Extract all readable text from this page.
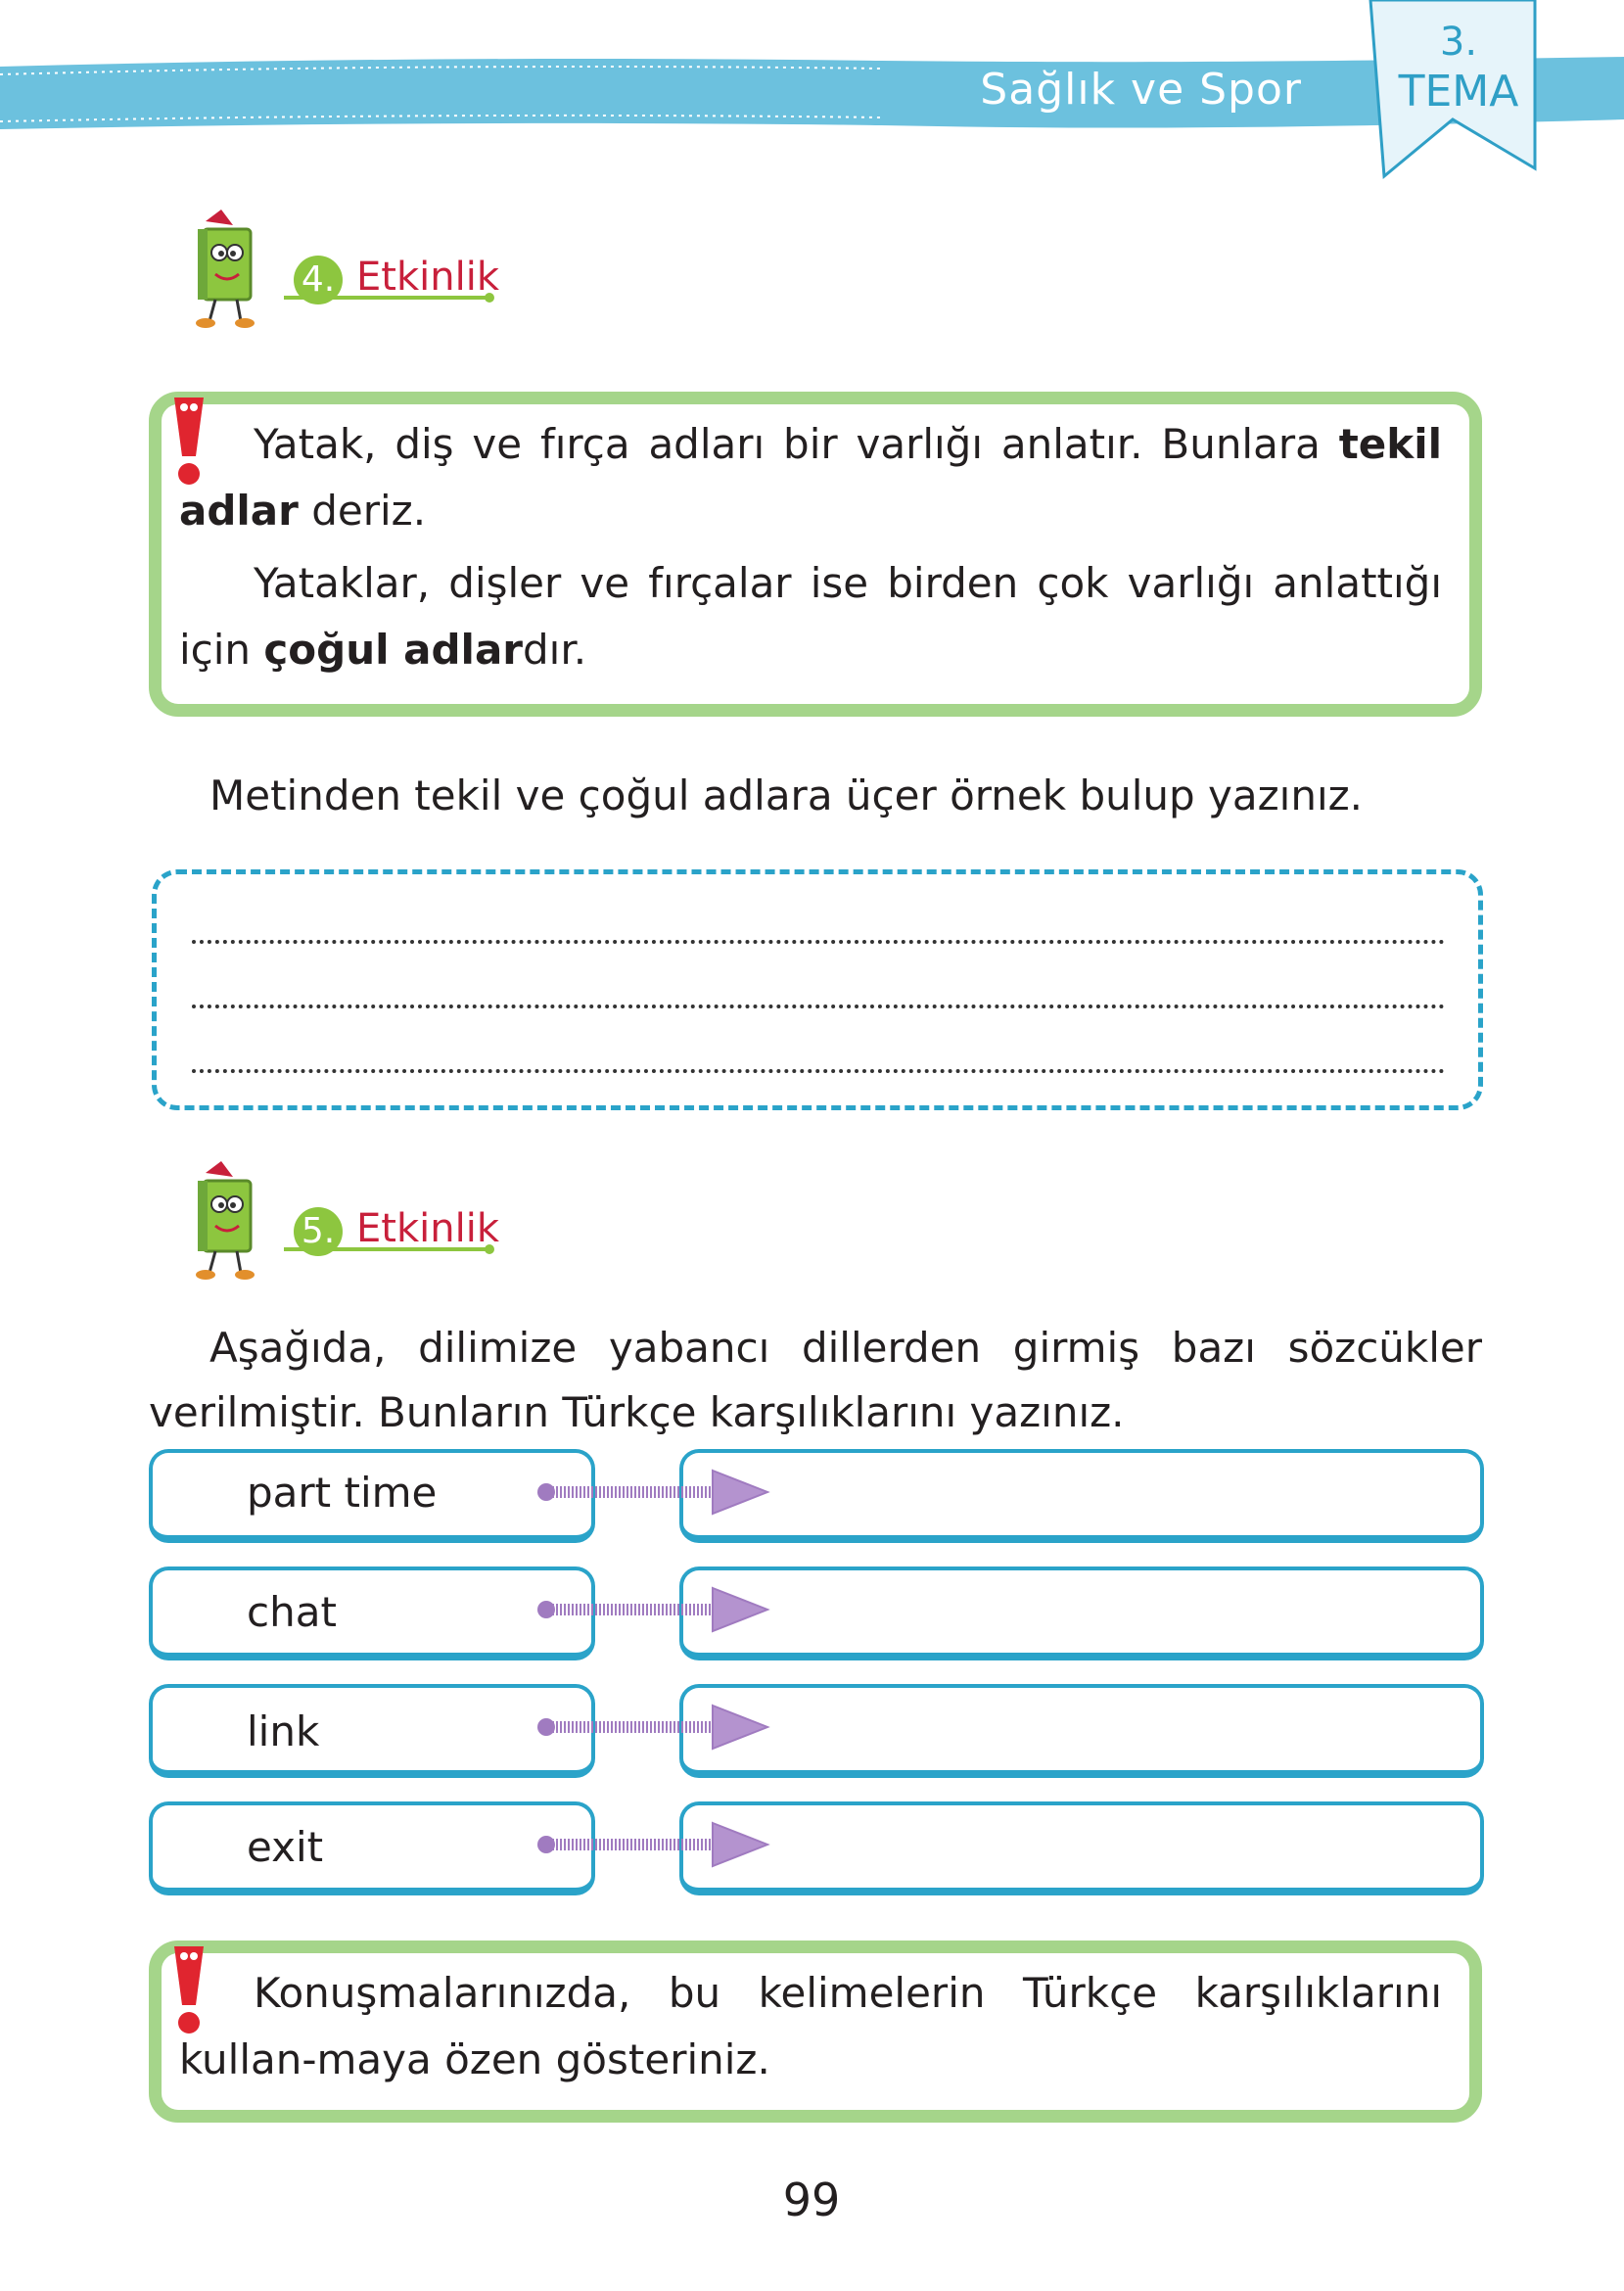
Sağlık ve Spor
3.
TEMA
4. Etkinlik
Yatak, diş ve fırça adları bir varlığı anlatır. Bunlara tekil adlar deriz.
Yataklar, dişler ve fırçalar ise birden çok varlığı anlattığı için çoğul adlardır.
Metinden tekil ve çoğul adlara üçer örnek bulup yazınız.
5. Etkinlik
Aşağıda, dilimize yabancı dillerden girmiş bazı sözcükler verilmiştir. Bunların Türkçe karşılıklarını yazınız.
part time
chat
link
exit
Konuşmalarınızda, bu kelimelerin Türkçe karşılıklarını kullan-maya özen gösteriniz.
99
